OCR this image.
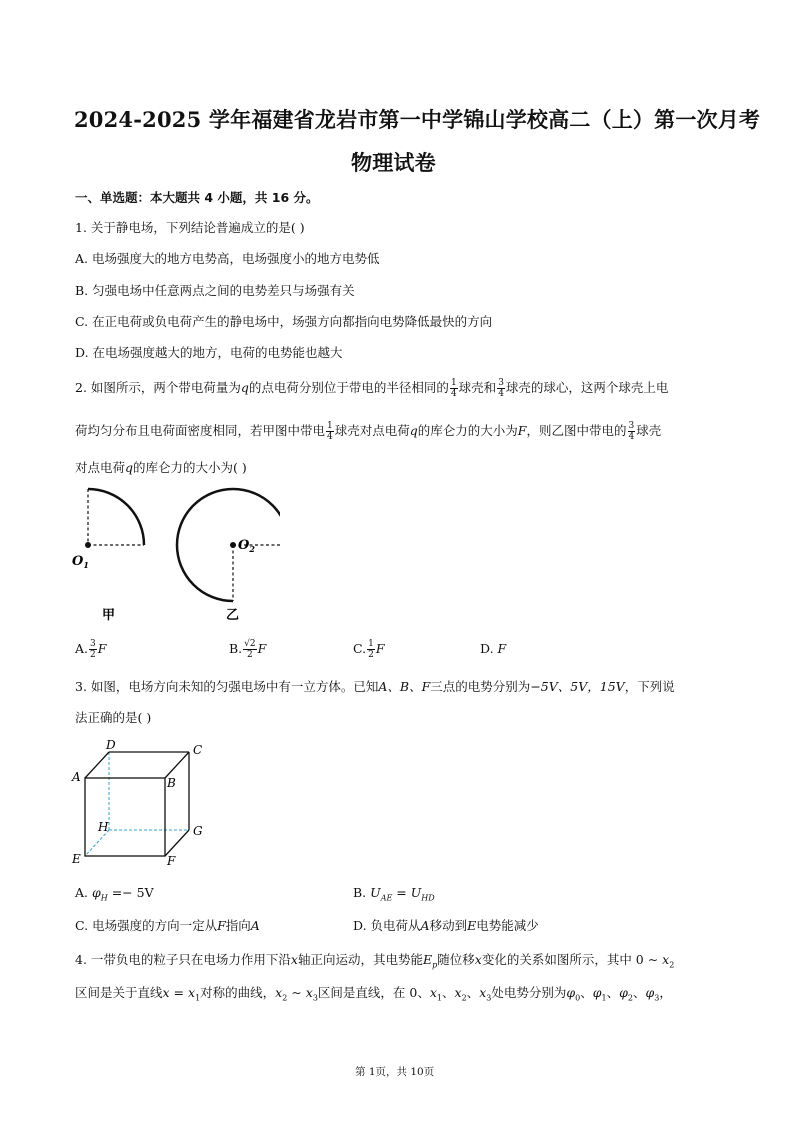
2024-2025 学年福建省龙岩市第一中学锦山学校高二（上）第一次月考
物理试卷
一、单选题：本大题共 4 小题，共 16 分。
1. 关于静电场，下列结论普遍成立的是( )
A. 电场强度大的地方电势高，电场强度小的地方电势低
B. 匀强电场中任意两点之间的电势差只与场强有关
C. 在正电荷或负电荷产生的静电场中，场强方向都指向电势降低最快的方向
D. 在电场强度越大的地方，电荷的电势能也越大
2. 如图所示，两个带电荷量为q的点电荷分别位于带电的半径相同的 $\frac{1}{4}$ 球壳和 $\frac{3}{4}$ 球壳的球心，这两个球壳上电
荷均匀分布且电荷面密度相同，若甲图中带电 $\frac{1}{4}$ 球壳对点电荷q的库仑力的大小为F，则乙图中带电的 $\frac{3}{4}$ 球壳
对点电荷q的库仑力的大小为( )
$O_1$
甲
$O_2$
乙
A. $\frac{3}{2}$ F	B. $\frac{√2}{2}$ F	C. $\frac{1}{2}$ F	D. F
3. 如图，电场方向未知的匀强电场中有一立方体。已知A、B、F三点的电势分别为−5V、5V，15V，下列说
法正确的是( )
D	C
A	B
H	G
E	F
A. $\varphi_H =- 5V$	B. $U_{AE} = U_{HD}$
C. 电场强度的方向一定从F指向A	D. 负电荷从A移动到E电势能减少
4. 一带负电的粒子只在电场力作用下沿x轴正向运动，其电势能$E_p$随位移x变化的关系如图所示，其中 0 ∼ $x_2$
区间是关于直线$x = x_1$对称的曲线，$x_2$ ∼ $x_3$区间是直线，在 0、$x_1$、$x_2$、$x_3$处电势分别为$\varphi_0$、$\varphi_1$、$\varphi_2$、$\varphi_3$，
第 1页，共 10页
